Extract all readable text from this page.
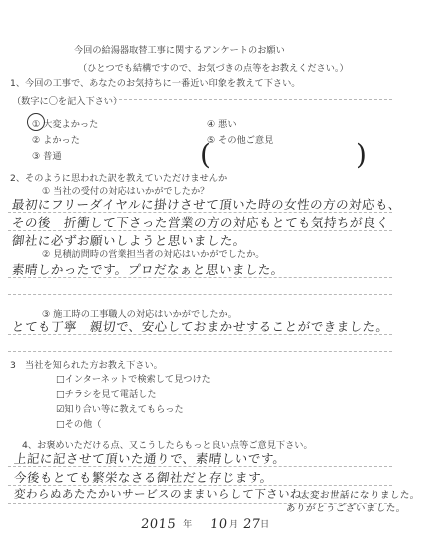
今回の給湯器取替工事に関するアンケートのお願い
（ひとつでも結構ですので、お気づきの点等をお教えください。）
1、今回の工事で、あなたのお気持ちに一番近い印象を教えて下さい。
（数字に〇を記入下さい）
① 大変よかった
② よかった
③ 普通
④ 悪い
⑤ その他ご意見
(	)
2、そのように思われた訳を教えていただけませんか
① 当社の受付の対応はいかがでしたか？
最初にフリーダイヤルに掛けさせて頂いた時の女性の方の対応も、
その後　折衝して下さった営業の方の対応もとても気持ちが良く
御社に必ずお願いしようと思いました。
② 見積訪問時の営業担当者の対応はいかがでしたか。
素晴しかったです。プロだなぁと思いました。
③ 施工時の工事職人の対応はいかがでしたか。
とても丁寧　親切で、安心しておまかせすることができました。
3　当社を知られた方お教え下さい。
□インターネットで検索して見つけた
□チラシを見て電話した
☑知り合い等に教えてもらった
□その他（
4、お褒めいただける点、又こうしたらもっと良い点等ご意見下さい。
上記に記させて頂いた通りで、素晴しいです。
今後もとても繁栄なさる御社だと存じます。
変わらぬあたたかいサービスのままいらして下さいね。
大変お世話になりました。
ありがとうございました。
2015 年 10 月 27
日
